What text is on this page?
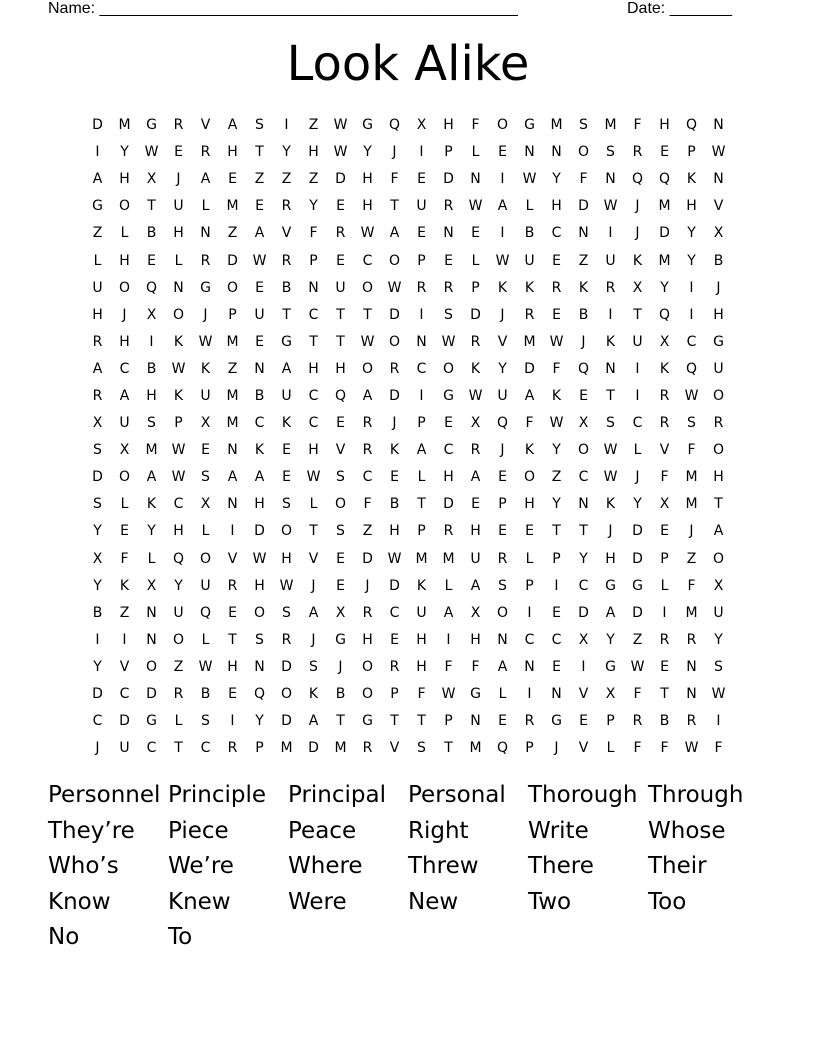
Name: _______________________________________________	Date: _______
Look Alike
D	M	G	R	V	A	S	I	Z	W	G	Q	X	H	F	O	G	M	S	M	F	H	Q	N
I	Y	W	E	R	H	T	Y	H	W	Y	J	I	P	L	E	N	N	O	S	R	E	P	W
A	H	X	J	A	E	Z	Z	Z	D	H	F	E	D	N	I	W	Y	F	N	Q	Q	K	N
G	O	T	U	L	M	E	R	Y	E	H	T	U	R	W	A	L	H	D	W	J	M	H	V
Z	L	B	H	N	Z	A	V	F	R	W	A	E	N	E	I	B	C	N	I	J	D	Y	X
L	H	E	L	R	D	W	R	P	E	C	O	P	E	L	W	U	E	Z	U	K	M	Y	B
U	O	Q	N	G	O	E	B	N	U	O	W	R	R	P	K	K	R	K	R	X	Y	I	J
H	J	X	O	J	P	U	T	C	T	T	D	I	S	D	J	R	E	B	I	T	Q	I	H
R	H	I	K	W	M	E	G	T	T	W	O	N	W	R	V	M	W	J	K	U	X	C	G
A	C	B	W	K	Z	N	A	H	H	O	R	C	O	K	Y	D	F	Q	N	I	K	Q	U
R	A	H	K	U	M	B	U	C	Q	A	D	I	G	W	U	A	K	E	T	I	R	W	O
X	U	S	P	X	M	C	K	C	E	R	J	P	E	X	Q	F	W	X	S	C	R	S	R
S	X	M	W	E	N	K	E	H	V	R	K	A	C	R	J	K	Y	O	W	L	V	F	O
D	O	A	W	S	A	A	E	W	S	C	E	L	H	A	E	O	Z	C	W	J	F	M	H
S	L	K	C	X	N	H	S	L	O	F	B	T	D	E	P	H	Y	N	K	Y	X	M	T
Y	E	Y	H	L	I	D	O	T	S	Z	H	P	R	H	E	E	T	T	J	D	E	J	A
X	F	L	Q	O	V	W	H	V	E	D	W	M	M	U	R	L	P	Y	H	D	P	Z	O
Y	K	X	Y	U	R	H	W	J	E	J	D	K	L	A	S	P	I	C	G	G	L	F	X
B	Z	N	U	Q	E	O	S	A	X	R	C	U	A	X	O	I	E	D	A	D	I	M	U
I	I	N	O	L	T	S	R	J	G	H	E	H	I	H	N	C	C	X	Y	Z	R	R	Y
Y	V	O	Z	W	H	N	D	S	J	O	R	H	F	F	A	N	E	I	G	W	E	N	S
D	C	D	R	B	E	Q	O	K	B	O	P	F	W	G	L	I	N	V	X	F	T	N	W
C	D	G	L	S	I	Y	D	A	T	G	T	T	P	N	E	R	G	E	P	R	B	R	I
J	U	C	T	C	R	P	M	D	M	R	V	S	T	M	Q	P	J	V	L	F	F	W	F
Personnel Principle Principal Personal Thorough Through
They’re	Piece	Peace	Right	Write	Whose
Who’s	We’re	Where	Threw	There	Their
Know	Knew	Were	New	Two	Too
No	To
